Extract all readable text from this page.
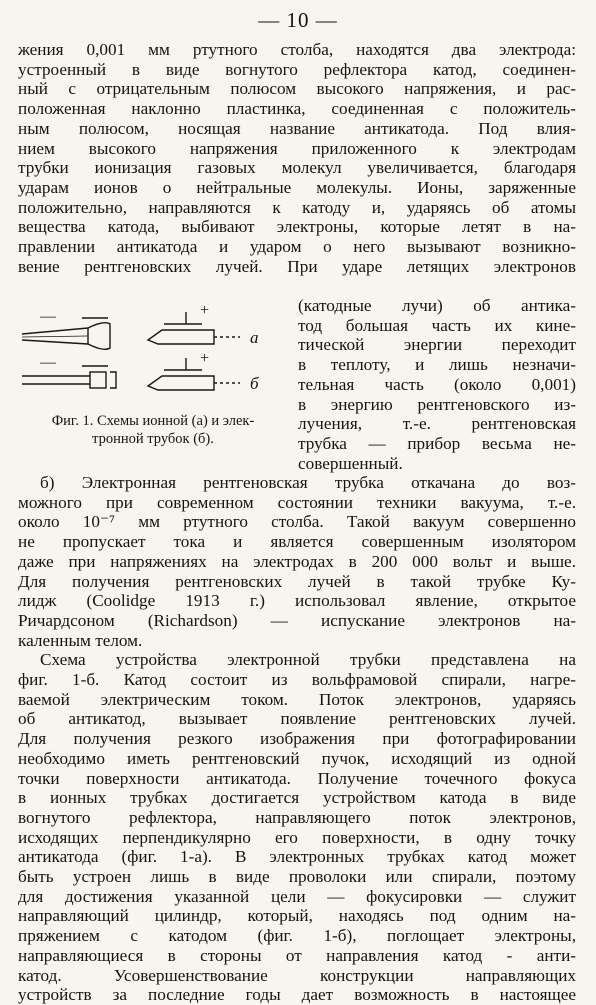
— 10 —
жения 0,001 мм ртутного столба, находятся два электрода:
устроенный в виде вогнутого рефлектора катод, соединен-
ный с отрицательным полюсом высокого напряжения, и рас-
положенная наклонно пластинка, соединенная с положитель-
ным полюсом, носящая название антикатода. Под влия-
нием высокого напряжения приложенного к электродам
трубки ионизация газовых молекул увеличивается, благодаря
ударам ионов о нейтральные молекулы. Ионы, заряженные
положительно, направляются к катоду и, ударяясь об атомы
вещества катода, выбивают электроны, которые летят в на-
правлении антикатода и ударом о него вызывают возникно-
вение рентгеновских лучей. При ударе летящих электронов
а
б
—	+
—	+
Фиг. 1. Схемы ионной (а) и элек-
тронной трубок (б).
(катодные лучи) об антика-
тод большая часть их кине-
тической энергии переходит
в теплоту, и лишь незначи-
тельная часть (около 0,001)
в энергию рентгеновского из-
лучения, т.-е. рентгеновская
трубка — прибор весьма не-
совершенный.
б) Электронная рентгеновская трубка откачана до воз-
можного при современном состоянии техники вакуума, т.-е.
около 10⁻⁷ мм ртутного столба. Такой вакуум совершенно
не пропускает тока и является совершенным изолятором
даже при напряжениях на электродах в 200 000 вольт и выше.
Для получения рентгеновских лучей в такой трубке Ку-
лидж (Coolidge 1913 г.) использовал явление, открытое
Ричардсоном (Richardson) — испускание электронов на-
каленным телом.
Схема устройства электронной трубки представлена на
фиг. 1-б. Катод состоит из вольфрамовой спирали, нагре-
ваемой электрическим током. Поток электронов, ударяясь
об антикатод, вызывает появление рентгеновских лучей.
Для получения резкого изображения при фотографировании
необходимо иметь рентгеновский пучок, исходящий из одной
точки поверхности антикатода. Получение точечного фокуса
в ионных трубках достигается устройством катода в виде
вогнутого рефлектора, направляющего поток электронов,
исходящих перпендикулярно его поверхности, в одну точку
антикатода (фиг. 1-а). В электронных трубках катод может
быть устроен лишь в виде проволоки или спирали, поэтому
для достижения указанной цели — фокусировки — служит
направляющий цилиндр, который, находясь под одним на-
пряжением с катодом (фиг. 1-б), поглощает электроны,
направляющиеся в стороны от направления катод - анти-
катод. Усовершенствование конструкции направляющих
устройств за последние годы дает возможность в настоящее
